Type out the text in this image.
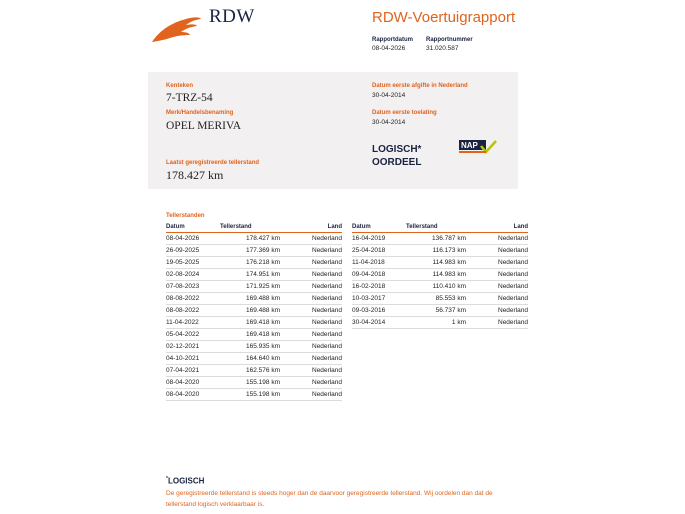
RDW	RDW-Voertuigrapport
Rapportdatum
08-04-2026
Rapportnummer
31.020.587
Kenteken
7-TRZ-54
Merk/Handelsbenaming
OPEL MERIVA
Laatst geregistreerde tellerstand
178.427 km
Datum eerste afgifte in Nederland
30-04-2014
Datum eerste toelating
30-04-2014
LOGISCH*
OORDEEL
NAP
Tellerstanden
Datum	Tellerstand	Land
08-04-2026	178.427 km	Nederland
26-09-2025	177.369 km	Nederland
19-05-2025	176.218 km	Nederland
02-08-2024	174.951 km	Nederland
07-08-2023	171.925 km	Nederland
08-08-2022	169.488 km	Nederland
08-08-2022	169.488 km	Nederland
11-04-2022	169.418 km	Nederland
05-04-2022	169.418 km	Nederland
02-12-2021	165.935 km	Nederland
04-10-2021	164.640 km	Nederland
07-04-2021	162.576 km	Nederland
08-04-2020	155.198 km	Nederland
08-04-2020	155.198 km	Nederland
Datum	Tellerstand	Land
16-04-2019	136.787 km	Nederland
25-04-2018	116.173 km	Nederland
11-04-2018	114.983 km	Nederland
09-04-2018	114.983 km	Nederland
16-02-2018	110.410 km	Nederland
10-03-2017	85.553 km	Nederland
09-03-2016	56.737 km	Nederland
30-04-2014	1 km	Nederland
*LOGISCH
De geregistreerde tellerstand is steeds hoger dan de daarvoor geregistreerde tellerstand. Wij oordelen dan dat de tellerstand logisch verklaarbaar is.
